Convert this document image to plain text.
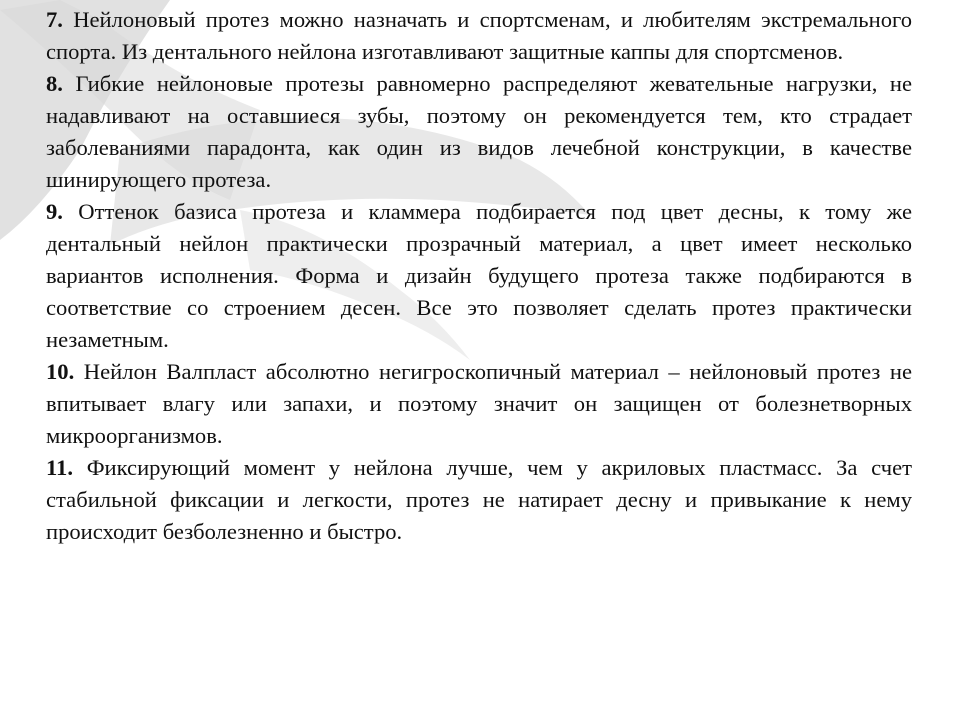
7. Нейлоновый протез можно назначать и спортсменам, и любителям экстремального спорта. Из дентального нейлона изготавливают защитные каппы для спортсменов.

8. Гибкие нейлоновые протезы равномерно распределяют жевательные нагрузки, не надавливают на оставшиеся зубы, поэтому он рекомендуется тем, кто страдает заболеваниями парадонта, как один из видов лечебной конструкции, в качестве шинирующего протеза.

9. Оттенок базиса протеза и кламмера подбирается под цвет десны, к тому же дентальный нейлон практически прозрачный материал, а цвет имеет несколько вариантов исполнения. Форма и дизайн будущего протеза также подбираются в соответствие со строением десен. Все это позволяет сделать протез практически незаметным.

10. Нейлон Валпласт абсолютно негигроскопичный материал – нейлоновый протез не впитывает влагу или запахи, и поэтому значит он защищен от болезнетворных микроорганизмов.

11. Фиксирующий момент у нейлона лучше, чем у акриловых пластмасс. За счет стабильной фиксации и легкости, протез не натирает десну и привыкание к нему происходит безболезненно и быстро.
